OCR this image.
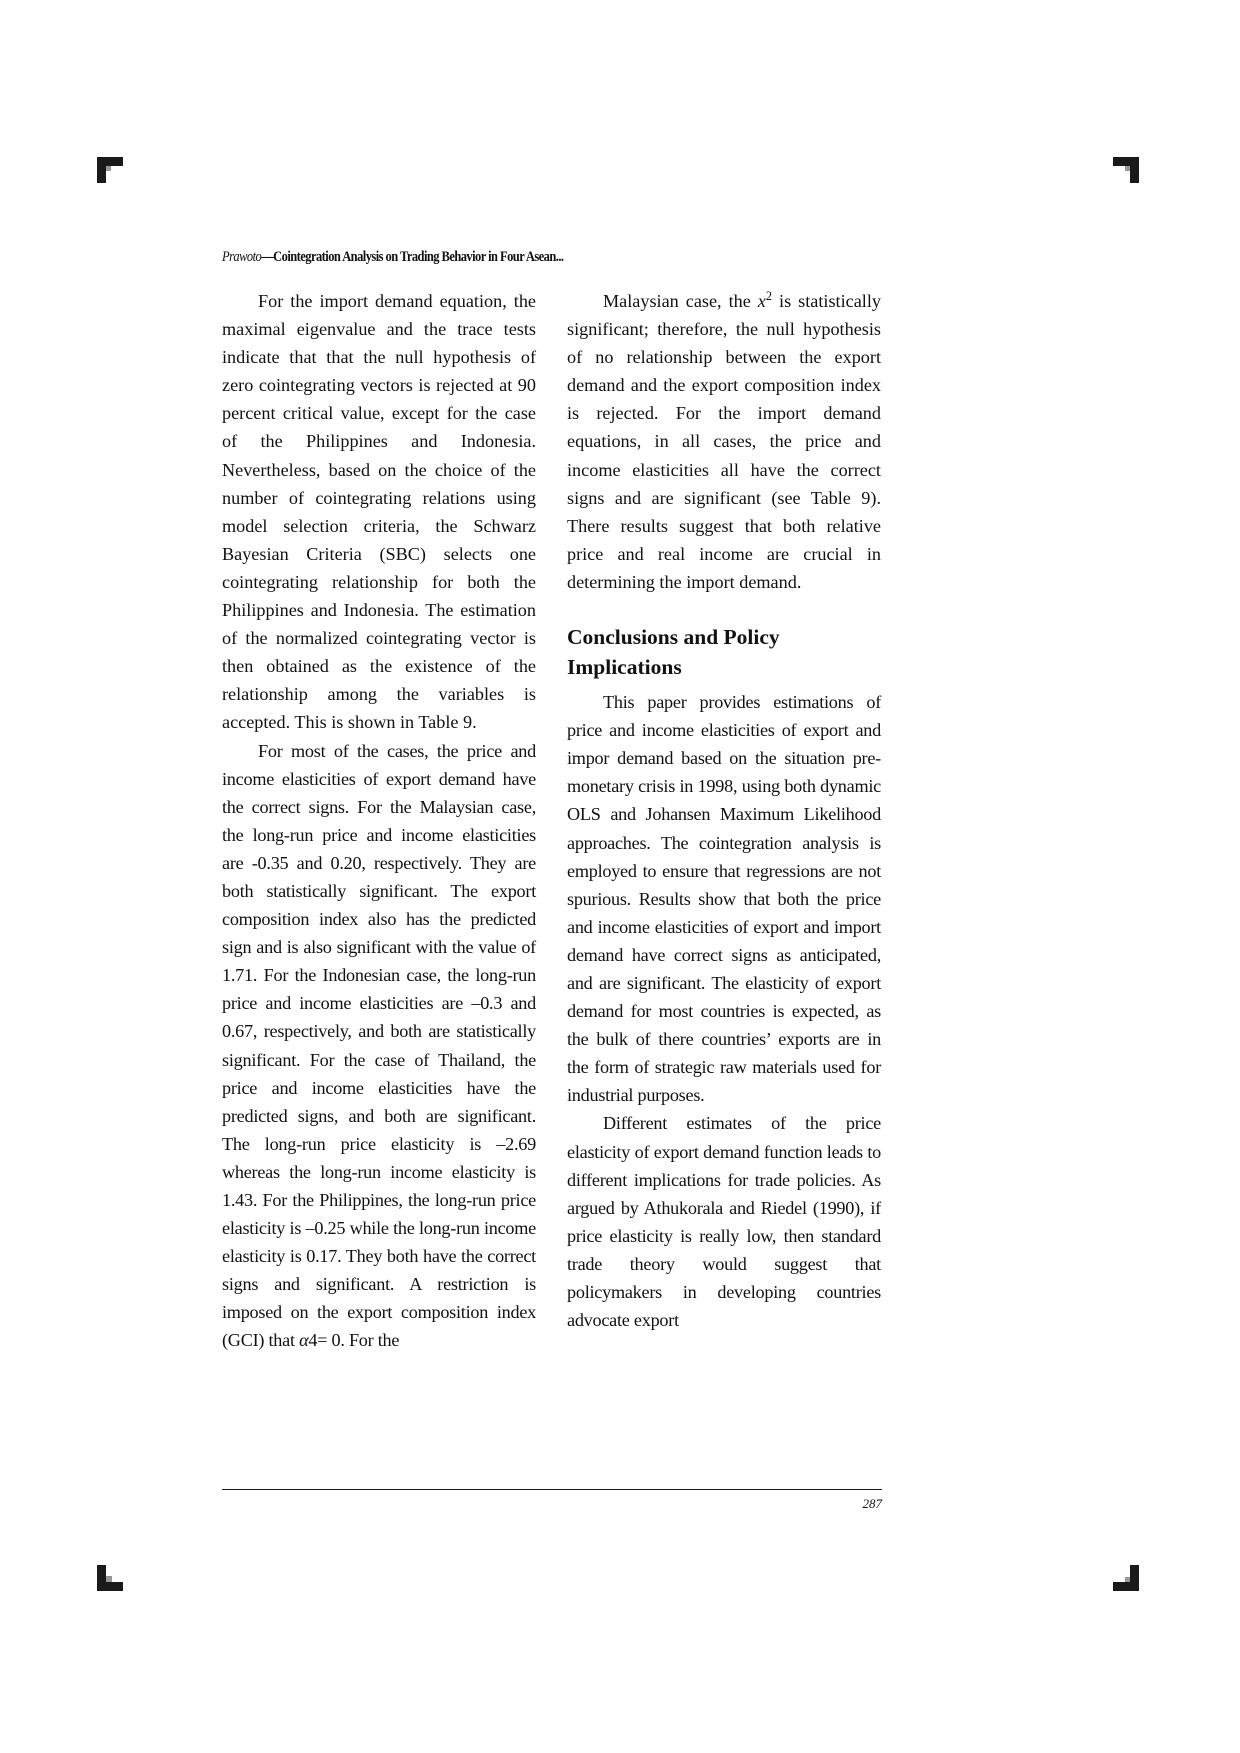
Prawoto—Cointegration Analysis on Trading Behavior in Four Asean...

For the import demand equation, the maximal eigenvalue and the trace tests indicate that that the null hypothesis of zero cointegrating vectors is rejected at 90 percent critical value, except for the case of the Philippines and Indonesia. Nevertheless, based on the choice of the number of cointegrating relations using model selection criteria, the Schwarz Bayesian Criteria (SBC) selects one cointegrating relationship for both the Philippines and Indonesia. The estimation of the normalized cointegrating vector is then obtained as the existence of the relationship among the variables is accepted. This is shown in Table 9.

For most of the cases, the price and income elasticities of export demand have the correct signs. For the Malaysian case, the long-run price and income elasticities are -0.35 and 0.20, respectively. They are both statistically significant. The export composition index also has the predicted sign and is also significant with the value of 1.71. For the Indonesian case, the long-run price and income elasticities are –0.3 and 0.67, respectively, and both are statistically significant. For the case of Thailand, the price and income elasticities have the predicted signs, and both are significant. The long-run price elasticity is –2.69 whereas the long-run income elasticity is 1.43. For the Philippines, the long-run price elasticity is –0.25 while the long-run income elasticity is 0.17. They both have the correct signs and significant. A restriction is imposed on the export composition index (GCI) that α4= 0. For the

Malaysian case, the $x^2$ is statistically significant; therefore, the null hypothesis of no relationship between the export demand and the export composition index is rejected. For the import demand equations, in all cases, the price and income elasticities all have the correct signs and are significant (see Table 9). There results suggest that both relative price and real income are crucial in determining the import demand.

Conclusions and Policy Implications

This paper provides estimations of price and income elasticities of export and impor demand based on the situation pre-monetary crisis in 1998, using both dynamic OLS and Johansen Maximum Likelihood approaches. The cointegration analysis is employed to ensure that regressions are not spurious. Results show that both the price and income elasticities of export and import demand have correct signs as anticipated, and are significant. The elasticity of export demand for most countries is expected, as the bulk of there countries’ exports are in the form of strategic raw materials used for industrial purposes.

Different estimates of the price elasticity of export demand function leads to different implications for trade policies. As argued by Athukorala and Riedel (1990), if price elasticity is really low, then standard trade theory would suggest that policymakers in developing countries advocate export

287
